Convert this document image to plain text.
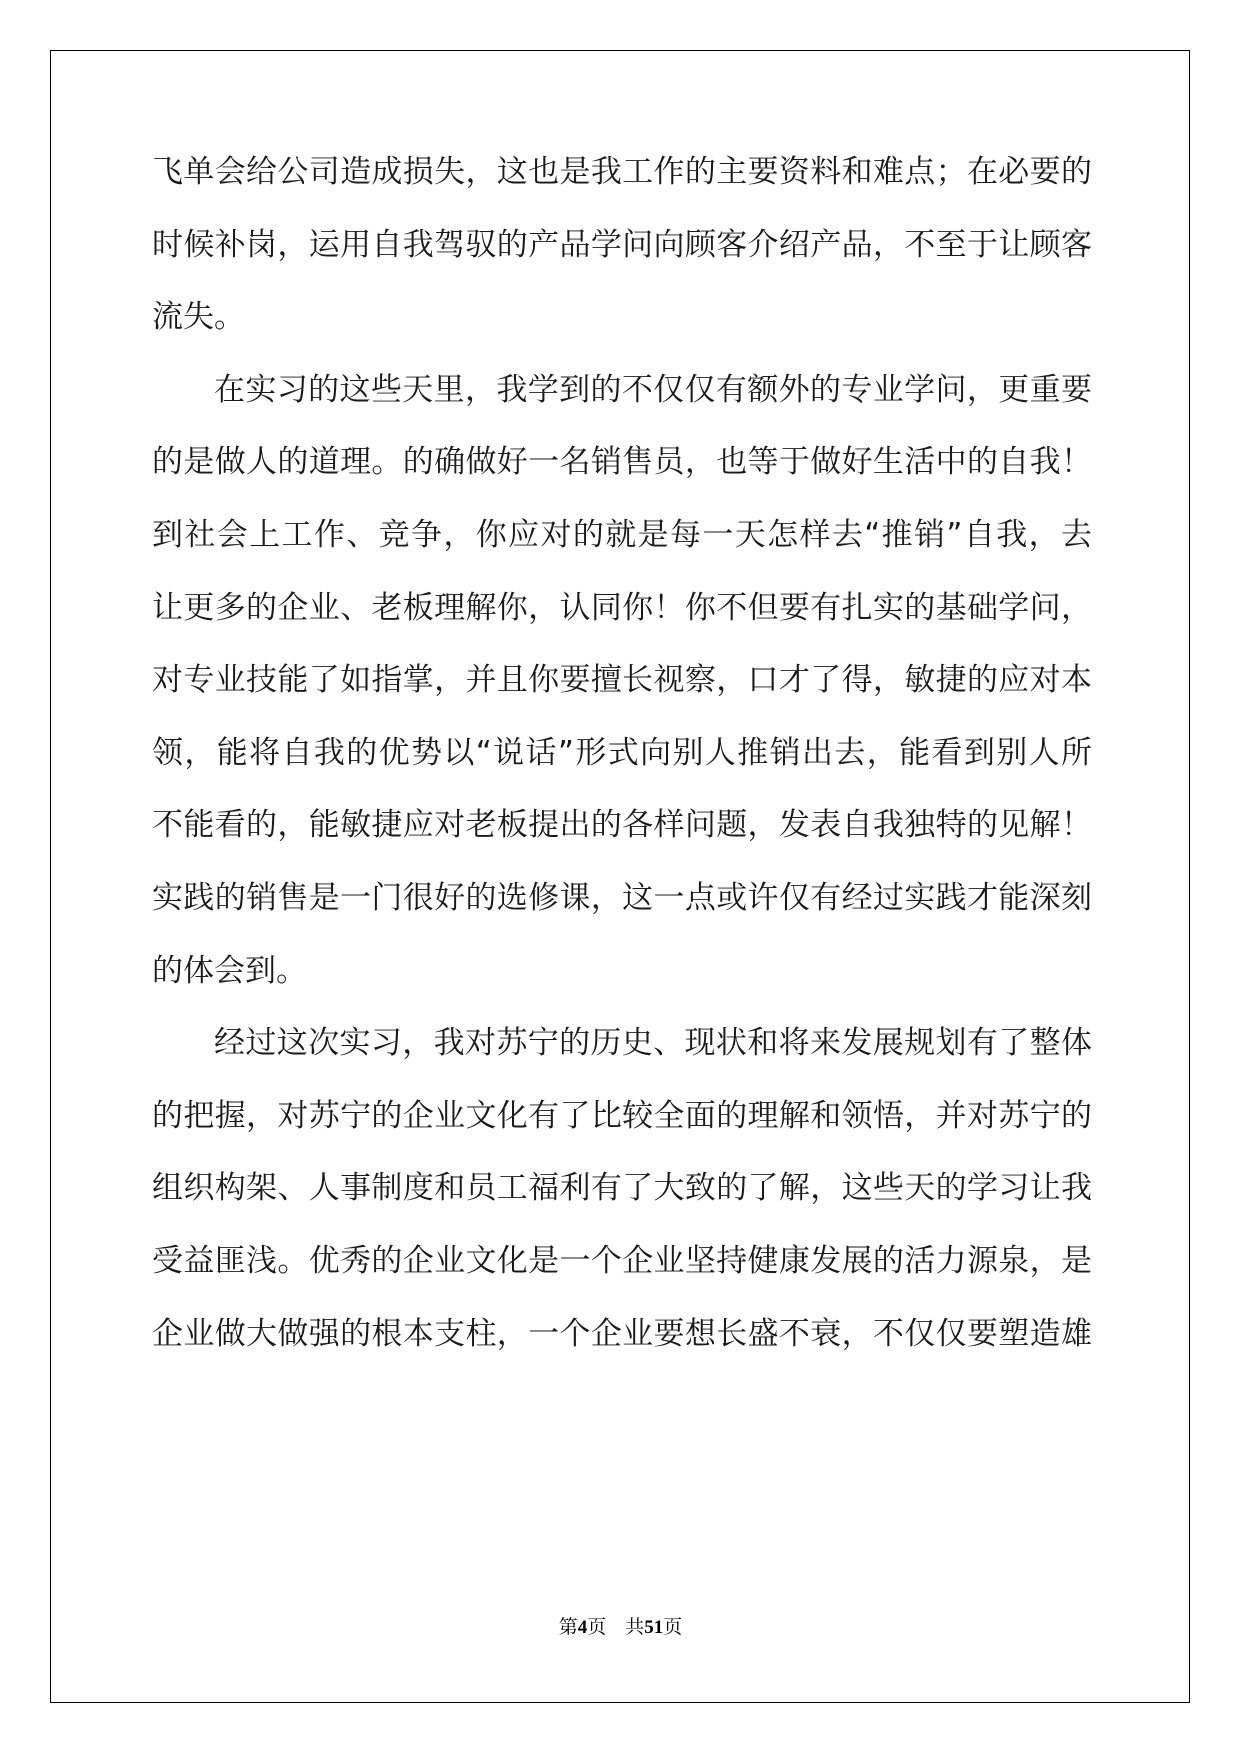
飞单会给公司造成损失，这也是我工作的主要资料和难点；在必要的
时候补岗，运用自我驾驭的产品学问向顾客介绍产品，不至于让顾客
流失。
在实习的这些天里，我学到的不仅仅有额外的专业学问，更重要
的是做人的道理。的确做好一名销售员，也等于做好生活中的自我！
到社会上工作、竞争，你应对的就是每一天怎样去“推销”自我，去
让更多的企业、老板理解你，认同你！你不但要有扎实的基础学问，
对专业技能了如指掌，并且你要擅长视察，口才了得，敏捷的应对本
领，能将自我的优势以“说话”形式向别人推销出去，能看到别人所
不能看的，能敏捷应对老板提出的各样问题，发表自我独特的见解！
实践的销售是一门很好的选修课，这一点或许仅有经过实践才能深刻
的体会到。
经过这次实习，我对苏宁的历史、现状和将来发展规划有了整体
的把握，对苏宁的企业文化有了比较全面的理解和领悟，并对苏宁的
组织构架、人事制度和员工福利有了大致的了解，这些天的学习让我
受益匪浅。优秀的企业文化是一个企业坚持健康发展的活力源泉，是
企业做大做强的根本支柱，一个企业要想长盛不衰，不仅仅要塑造雄
第4页 共51页
